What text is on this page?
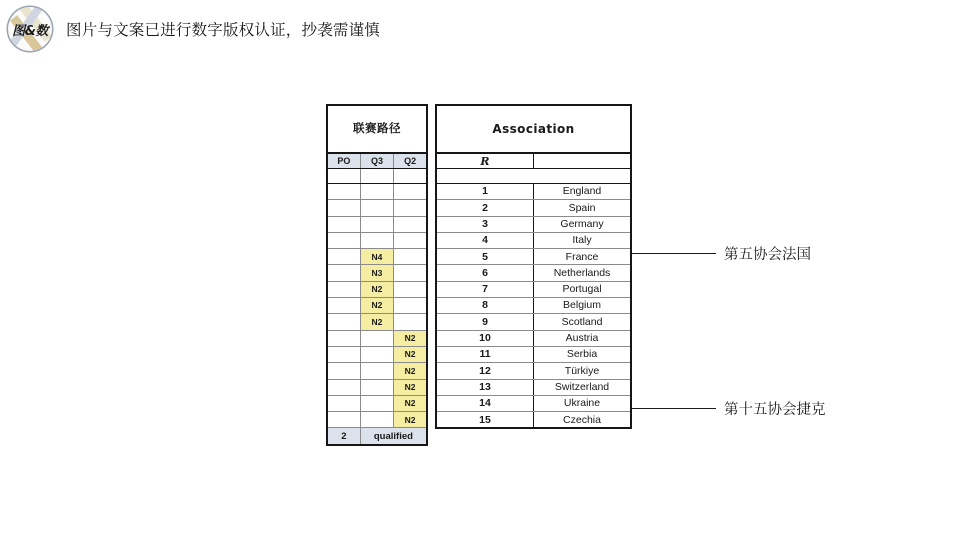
图&数 图片与文案已进行数字版权认证，抄袭需谨慎
联赛路径		
PO	Q3	Q2

	N4	
	N3	
	N2	
	N2	
	N2	
		N2
		N2
		N2
		N2
		N2
		N2
2	qualified	
Association	
R	

1	England
2	Spain
3	Germany
4	Italy
5	France
6	Netherlands
7	Portugal
8	Belgium
9	Scotland
10	Austria
11	Serbia
12	Türkiye
13	Switzerland
14	Ukraine
15	Czechia
第五协会法国
第十五协会捷克
